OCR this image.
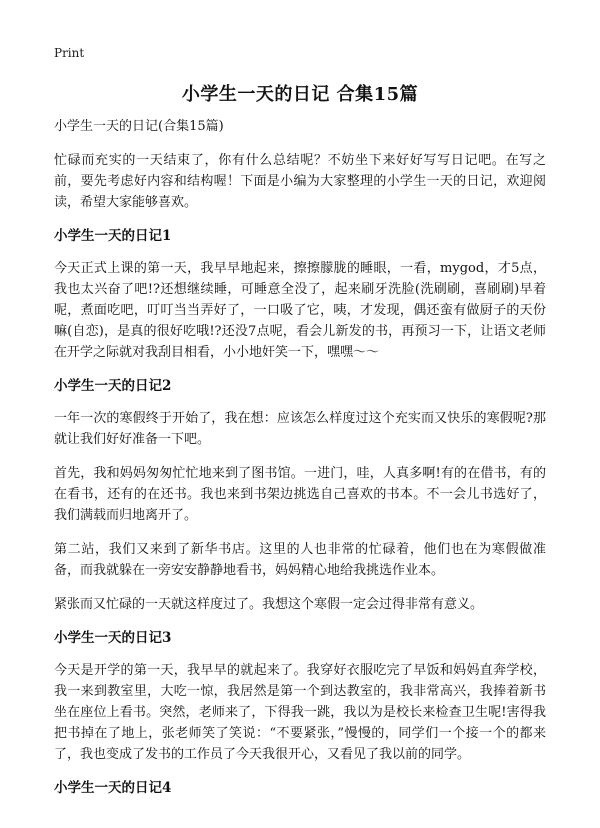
Print
小学生一天的日记 合集15篇
小学生一天的日记(合集15篇)
忙碌而充实的一天结束了，你有什么总结呢？不妨坐下来好好写写日记吧。在写之前，要先考虑好内容和结构喔！下面是小编为大家整理的小学生一天的日记，欢迎阅读，希望大家能够喜欢。
小学生一天的日记1
今天正式上课的第一天，我早早地起来，擦擦朦胧的睡眼，一看，mygod，才5点，我也太兴奋了吧!?还想继续睡，可睡意全没了，起来刷牙洗脸(洗刷刷，喜刷刷)早着呢，煮面吃吧，叮叮当当弄好了，一口吸了它，咦，才发现，偶还蛮有做厨子的天份嘛(自恋)，是真的很好吃哦!?还没7点呢，看会儿新发的书，再预习一下，让语文老师在开学之际就对我刮目相看，小小地奸笑一下，嘿嘿～～
小学生一天的日记2
一年一次的寒假终于开始了，我在想：应该怎么样度过这个充实而又快乐的寒假呢?那就让我们好好准备一下吧。
首先，我和妈妈匆匆忙忙地来到了图书馆。一进门，哇，人真多啊!有的在借书，有的在看书，还有的在还书。我也来到书架边挑选自己喜欢的书本。不一会儿书选好了，我们满载而归地离开了。
第二站，我们又来到了新华书店。这里的人也非常的忙碌着，他们也在为寒假做准备，而我就躲在一旁安安静静地看书，妈妈精心地给我挑选作业本。
紧张而又忙碌的一天就这样度过了。我想这个寒假一定会过得非常有意义。
小学生一天的日记3
今天是开学的第一天，我早早的就起来了。我穿好衣服吃完了早饭和妈妈直奔学校，我一来到教室里，大吃一惊，我居然是第一个到达教室的，我非常高兴，我捧着新书坐在座位上看书。突然，老师来了，下得我一跳，我以为是校长来检查卫生呢!害得我把书掉在了地上，张老师笑了笑说：“不要紧张，”慢慢的，同学们一个接一个的都来了，我也变成了发书的工作员了今天我很开心，又看见了我以前的同学。
小学生一天的日记4
